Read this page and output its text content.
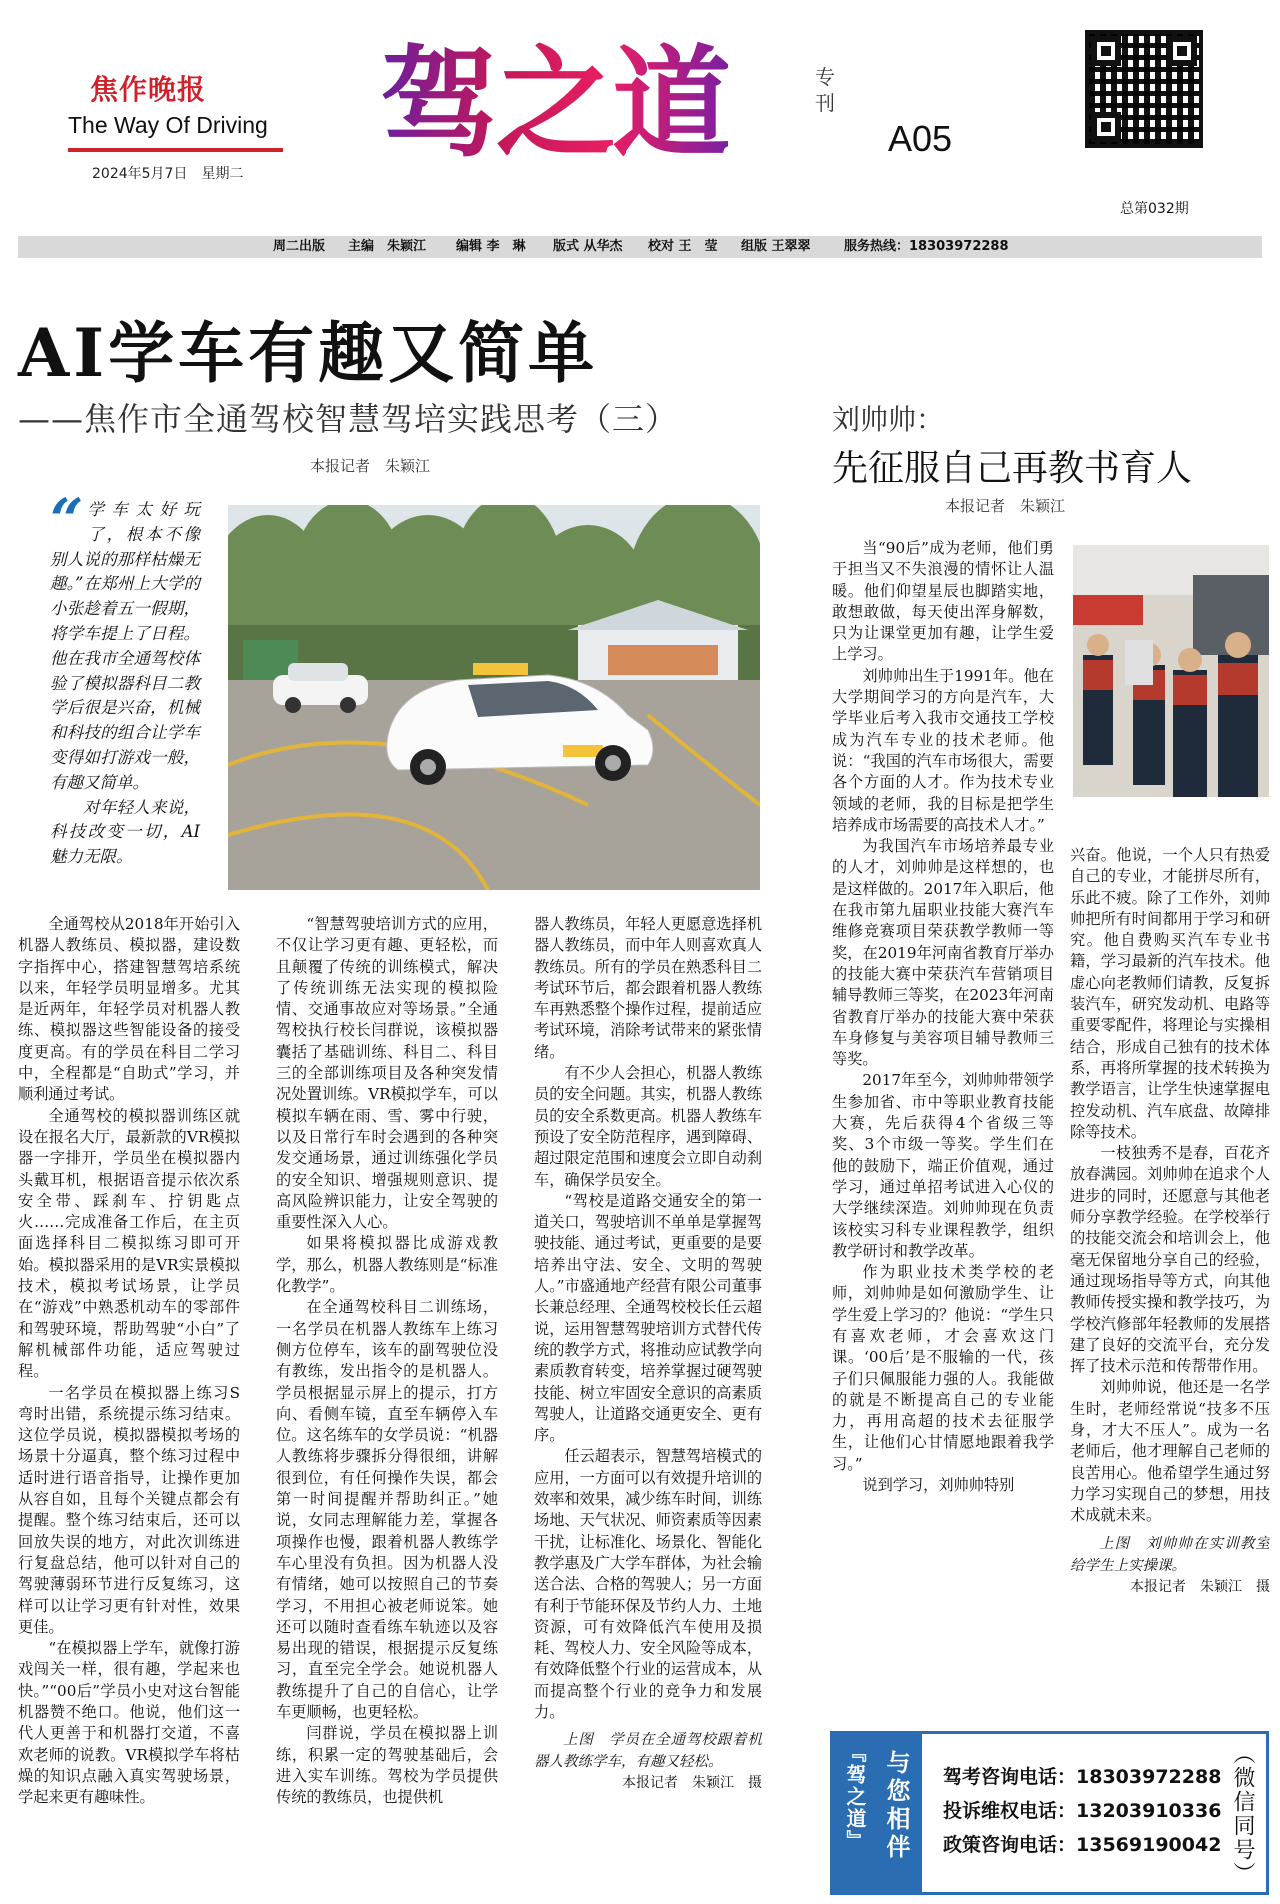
焦作晚报
The Way Of Driving
2024年5月7日　星期二 驾之道	专刊
A05
总第032期
周二出版 主编　朱颖江 编辑 李　琳 版式 从华杰 校对 王　莹 组版 王翠翠	服务热线：18303972288
AI学车有趣又简单
——焦作市全通驾校智慧驾培实践思考（三）
本报记者　朱颖江
“ 学车太好玩了，根本不像别人说的那样枯燥无趣。”在郑州上大学的小张趁着五一假期，将学车提上了日程。他在我市全通驾校体验了模拟器科目二教学后很是兴奋，机械和科技的组合让学车变得如打游戏一般，有趣又简单。

对年轻人来说，科技改变一切，AI魅力无限。

全通驾校从2018年开始引入机器人教练员、模拟器，建设数字指挥中心，搭建智慧驾培系统以来，年轻学员明显增多。尤其是近两年，年轻学员对机器人教练、模拟器这些智能设备的接受度更高。有的学员在科目二学习中，全程都是“自助式”学习，并顺利通过考试。

全通驾校的模拟器训练区就设在报名大厅，最新款的VR模拟器一字排开，学员坐在模拟器内头戴耳机，根据语音提示依次系安全带、踩刹车、拧钥匙点火……完成准备工作后，在主页面选择科目二模拟练习即可开始。模拟器采用的是VR实景模拟技术，模拟考试场景，让学员在“游戏”中熟悉机动车的零部件和驾驶环境，帮助驾驶“小白”了解机械部件功能，适应驾驶过程。

一名学员在模拟器上练习S弯时出错，系统提示练习结束。这位学员说，模拟器模拟考场的场景十分逼真，整个练习过程中适时进行语音指导，让操作更加从容自如，且每个关键点都会有提醒。整个练习结束后，还可以回放失误的地方，对此次训练进行复盘总结，他可以针对自己的驾驶薄弱环节进行反复练习，这样可以让学习更有针对性，效果更佳。

“在模拟器上学车，就像打游戏闯关一样，很有趣，学起来也快。”“00后”学员小史对这台智能机器赞不绝口。他说，他们这一代人更善于和机器打交道，不喜欢老师的说教。VR模拟学车将枯燥的知识点融入真实驾驶场景，学起来更有趣味性。

“智慧驾驶培训方式的应用，不仅让学习更有趣、更轻松，而且颠覆了传统的训练模式，解决了传统训练无法实现的模拟险情、交通事故应对等场景。”全通驾校执行校长闫群说，该模拟器囊括了基础训练、科目二、科目三的全部训练项目及各种突发情况处置训练。VR模拟学车，可以模拟车辆在雨、雪、雾中行驶，以及日常行车时会遇到的各种突发交通场景，通过训练强化学员的安全知识、增强规则意识、提高风险辨识能力，让安全驾驶的重要性深入人心。

如果将模拟器比成游戏教学，那么，机器人教练则是“标准化教学”。

在全通驾校科目二训练场，一名学员在机器人教练车上练习侧方位停车，该车的副驾驶位没有教练，发出指令的是机器人。学员根据显示屏上的提示，打方向、看侧车镜，直至车辆停入车位。这名练车的女学员说：“机器人教练将步骤拆分得很细，讲解很到位，有任何操作失误，都会第一时间提醒并帮助纠正。”她说，女同志理解能力差，掌握各项操作也慢，跟着机器人教练学车心里没有负担。因为机器人没有情绪，她可以按照自己的节奏学习，不用担心被老师说笨。她还可以随时查看练车轨迹以及容易出现的错误，根据提示反复练习，直至完全学会。她说机器人教练提升了自己的自信心，让学车更顺畅，也更轻松。

闫群说，学员在模拟器上训练，积累一定的驾驶基础后，会进入实车训练。驾校为学员提供传统的教练员，也提供机

器人教练员，年轻人更愿意选择机器人教练员，而中年人则喜欢真人教练员。所有的学员在熟悉科目二考试环节后，都会跟着机器人教练车再熟悉整个操作过程，提前适应考试环境，消除考试带来的紧张情绪。

有不少人会担心，机器人教练员的安全问题。其实，机器人教练员的安全系数更高。机器人教练车预设了安全防范程序，遇到障碍、超过限定范围和速度会立即自动刹车，确保学员安全。

“驾校是道路交通安全的第一道关口，驾驶培训不单单是掌握驾驶技能、通过考试，更重要的是要培养出守法、安全、文明的驾驶人。”市盛通地产经营有限公司董事长兼总经理、全通驾校校长任云超说，运用智慧驾驶培训方式替代传统的教学方式，将推动应试教学向素质教育转变，培养掌握过硬驾驶技能、树立牢固安全意识的高素质驾驶人，让道路交通更安全、更有序。

任云超表示，智慧驾培模式的应用，一方面可以有效提升培训的效率和效果，减少练车时间，训练场地、天气状况、师资素质等因素干扰，让标准化、场景化、智能化教学惠及广大学车群体，为社会输送合法、合格的驾驶人；另一方面有利于节能环保及节约人力、土地资源，可有效降低汽车使用及损耗、驾校人力、安全风险等成本，有效降低整个行业的运营成本，从而提高整个行业的竞争力和发展力。

上图　学员在全通驾校跟着机器人教练学车，有趣又轻松。

本报记者　朱颖江　摄

刘帅帅：
先征服自己再教书育人
本报记者　朱颖江

当“90后”成为老师，他们勇于担当又不失浪漫的情怀让人温暖。他们仰望星辰也脚踏实地，敢想敢做，每天使出浑身解数，只为让课堂更加有趣，让学生爱上学习。

刘帅帅出生于1991年。他在大学期间学习的方向是汽车，大学毕业后考入我市交通技工学校成为汽车专业的技术老师。他说：“我国的汽车市场很大，需要各个方面的人才。作为技术专业领域的老师，我的目标是把学生培养成市场需要的高技术人才。”

为我国汽车市场培养最专业的人才，刘帅帅是这样想的，也是这样做的。2017年入职后，他在我市第九届职业技能大赛汽车维修竞赛项目荣获教学教师一等奖，在2019年河南省教育厅举办的技能大赛中荣获汽车营销项目辅导教师三等奖，在2023年河南省教育厅举办的技能大赛中荣获车身修复与美容项目辅导教师三等奖。

2017年至今，刘帅帅带领学生参加省、市中等职业教育技能大赛，先后获得4个省级三等奖、3个市级一等奖。学生们在他的鼓励下，端正价值观，通过学习，通过单招考试进入心仪的大学继续深造。刘帅帅现在负责该校实习科专业课程教学，组织教学研讨和教学改革。

作为职业技术类学校的老师，刘帅帅是如何激励学生、让学生爱上学习的？他说：“学生只有喜欢老师，才会喜欢这门课。‘00后’是不服输的一代，孩子们只佩服能力强的人。我能做的就是不断提高自己的专业能力，再用高超的技术去征服学生，让他们心甘情愿地跟着我学习。”

说到学习，刘帅帅特别

兴奋。他说，一个人只有热爱自己的专业，才能拼尽所有，乐此不疲。除了工作外，刘帅帅把所有时间都用于学习和研究。他自费购买汽车专业书籍，学习最新的汽车技术。他虚心向老教师们请教，反复拆装汽车，研究发动机、电路等重要零配件，将理论与实操相结合，形成自己独有的技术体系，再将所掌握的技术转换为教学语言，让学生快速掌握电控发动机、汽车底盘、故障排除等技术。

一枝独秀不是春，百花齐放春满园。刘帅帅在追求个人进步的同时，还愿意与其他老师分享教学经验。在学校举行的技能交流会和培训会上，他毫无保留地分享自己的经验，通过现场指导等方式，向其他教师传授实操和教学技巧，为学校汽修部年轻教师的发展搭建了良好的交流平台，充分发挥了技术示范和传帮带作用。

刘帅帅说，他还是一名学生时，老师经常说“技多不压身，才大不压人”。成为一名老师后，他才理解自己老师的良苦用心。他希望学生通过努力学习实现自己的梦想，用技术成就未来。

上图　刘帅帅在实训教室给学生上实操课。

本报记者　朱颖江　摄

与您相伴
『驾之道』	驾考咨询电话：18303972288
投诉维权电话：13203910336
政策咨询电话：13569190042 （微信同号）
